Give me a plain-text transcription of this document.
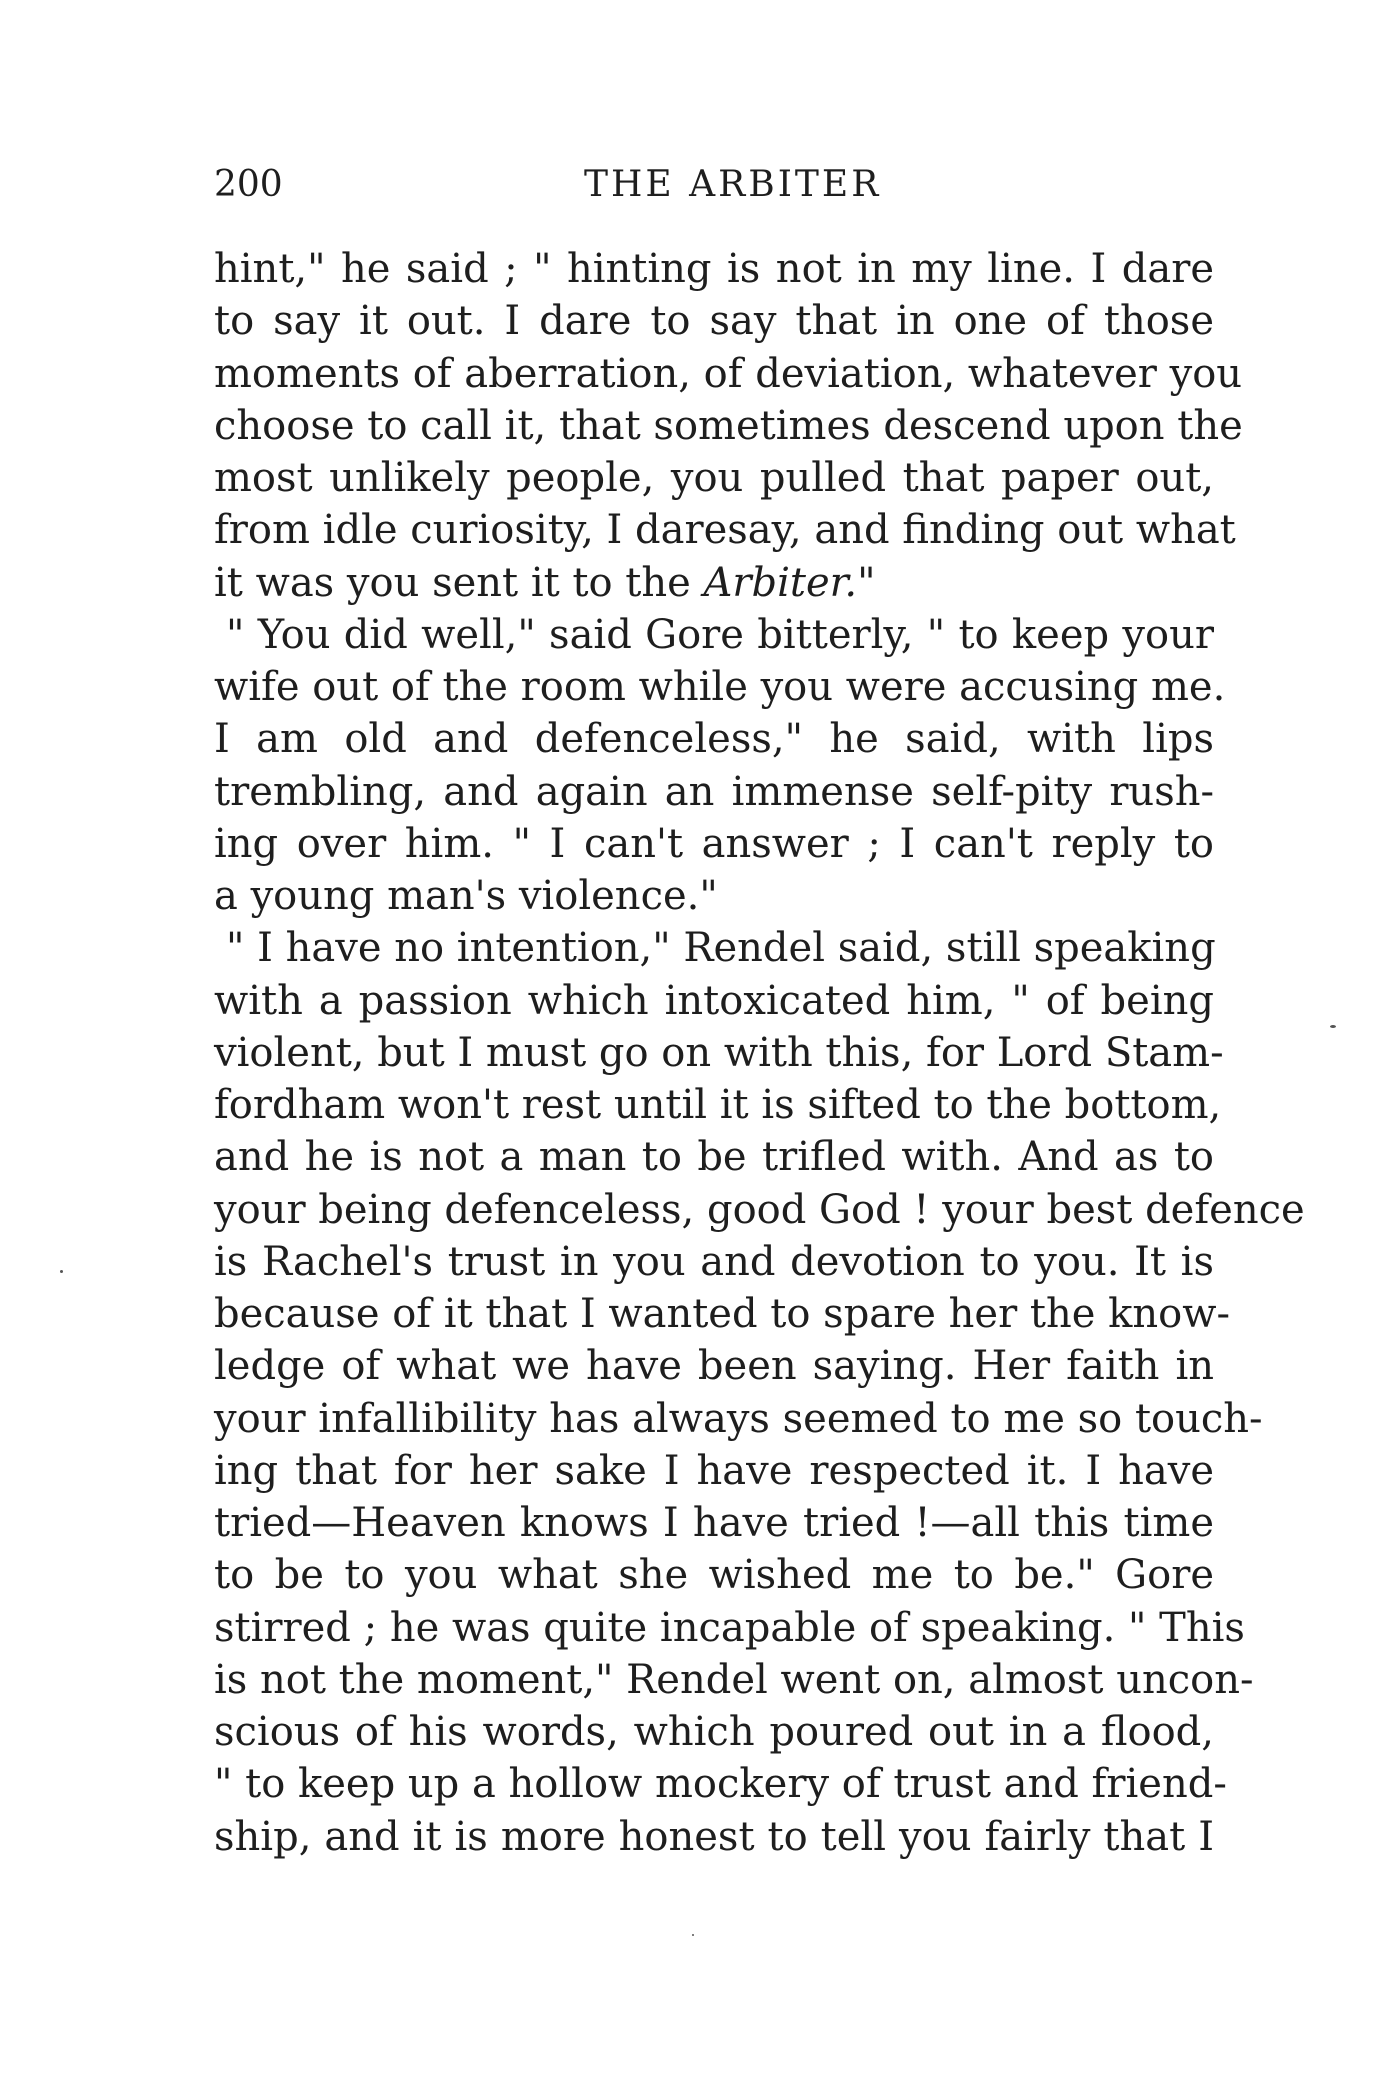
200	THE ARBITER
hint," he said ; " hinting is not in my line. I dare
to say it out. I dare to say that in one of those
moments of aberration, of deviation, whatever you
choose to call it, that sometimes descend upon the
most unlikely people, you pulled that paper out,
from idle curiosity, I daresay, and finding out what
it was you sent it to the Arbiter."
" You did well," said Gore bitterly, " to keep your
wife out of the room while you were accusing me.
I am old and defenceless," he said, with lips
trembling, and again an immense self-pity rush-
ing over him. " I can't answer ; I can't reply to
a young man's violence."
" I have no intention," Rendel said, still speaking
with a passion which intoxicated him, " of being
violent, but I must go on with this, for Lord Stam-
fordham won't rest until it is sifted to the bottom,
and he is not a man to be trifled with. And as to
your being defenceless, good God ! your best defence
is Rachel's trust in you and devotion to you. It is
because of it that I wanted to spare her the know-
ledge of what we have been saying. Her faith in
your infallibility has always seemed to me so touch-
ing that for her sake I have respected it. I have
tried—Heaven knows I have tried !—all this time
to be to you what she wished me to be." Gore
stirred ; he was quite incapable of speaking. " This
is not the moment," Rendel went on, almost uncon-
scious of his words, which poured out in a flood,
" to keep up a hollow mockery of trust and friend-
ship, and it is more honest to tell you fairly that I
